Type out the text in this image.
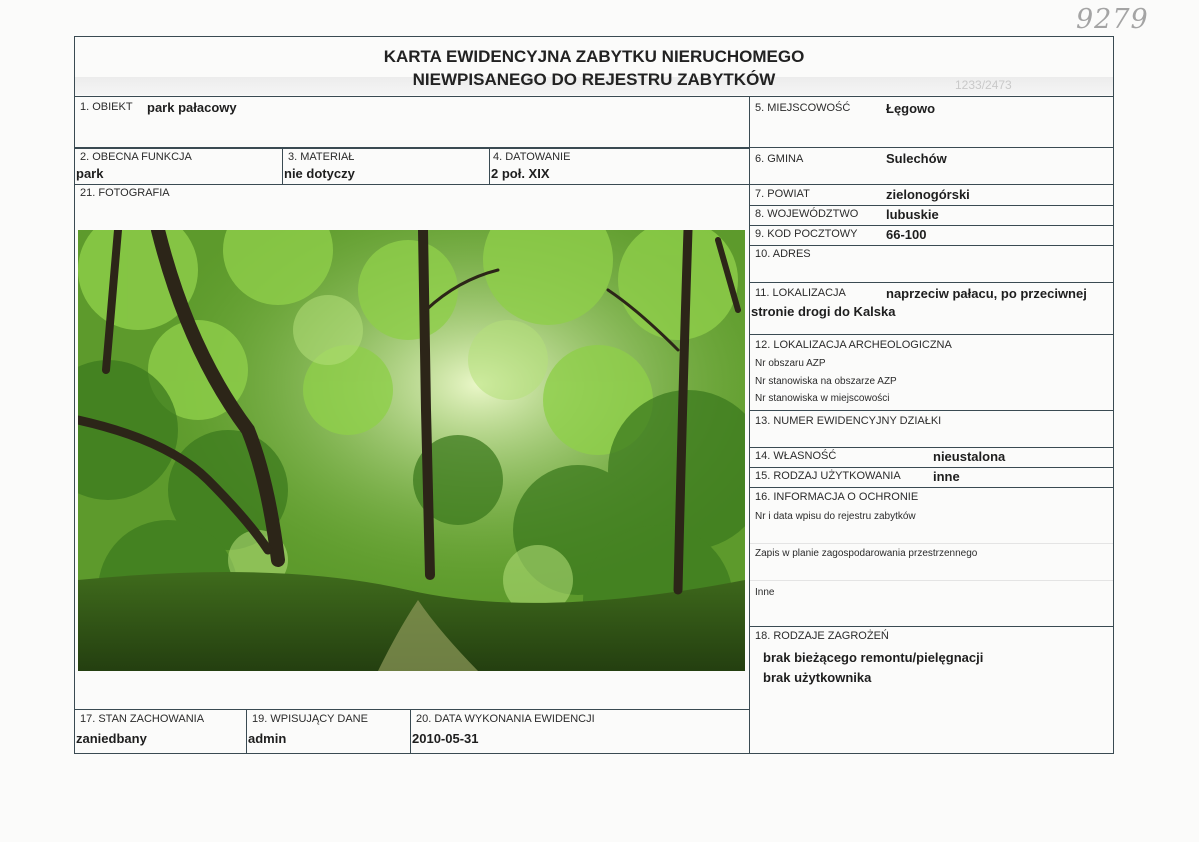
9279
1233/2473
KARTA EWIDENCYJNA ZABYTKU NIERUCHOMEGO
NIEWPISANEGO DO REJESTRU ZABYTKÓW
1. OBIEKT park pałacowy
2. OBECNA FUNKCJA
park
3. MATERIAŁ
nie dotyczy
4. DATOWANIE
2 poł. XIX
21. FOTOGRAFIA
17. STAN ZACHOWANIA
zaniedbany
19. WPISUJĄCY DANE
admin
20. DATA WYKONANIA EWIDENCJI
2010-05-31
5. MIEJSCOWOŚĆ	Łęgowo
6. GMINA	Sulechów
7. POWIAT	zielonogórski
8. WOJEWÓDZTWO lubuskie
9. KOD POCZTOWY 66-100
10. ADRES
11. LOKALIZACJA	naprzeciw pałacu, po przeciwnej
stronie drogi do Kalska
12. LOKALIZACJA ARCHEOLOGICZNA
Nr obszaru AZP
Nr stanowiska na obszarze AZP
Nr stanowiska w miejscowości
13. NUMER EWIDENCYJNY DZIAŁKI
14. WŁASNOŚĆ	nieustalona
15. RODZAJ UŻYTKOWANIA inne
16. INFORMACJA O OCHRONIE
Nr i data wpisu do rejestru zabytków
Zapis w planie zagospodarowania przestrzennego
Inne
18. RODZAJE ZAGROŻEŃ
brak bieżącego remontu/pielęgnacji
brak użytkownika
